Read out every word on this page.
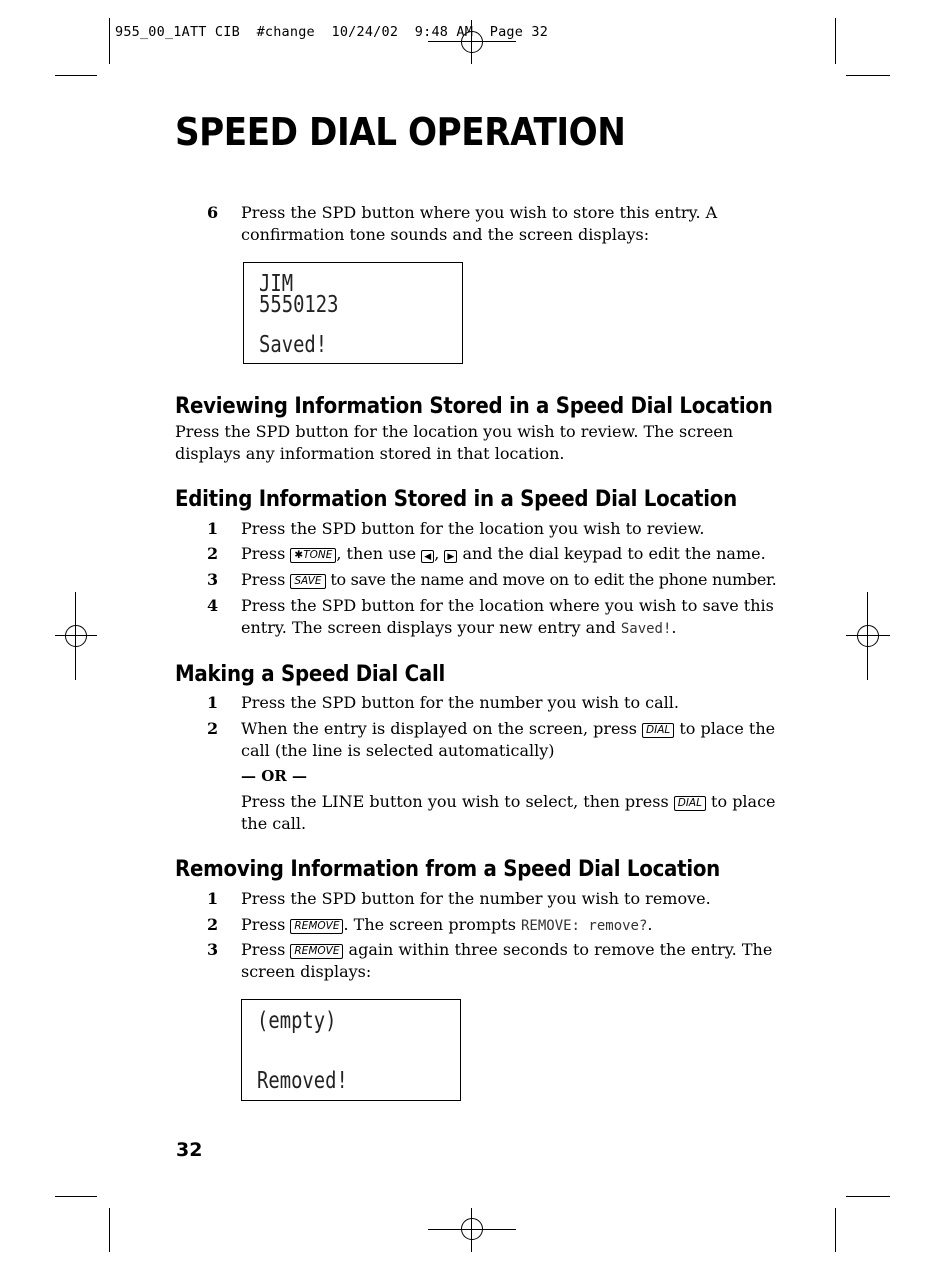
955_00_1ATT CIB  #change  10/24/02  9:48 AM  Page 32
SPEED DIAL OPERATION
6 Press the SPD button where you wish to store this entry. A confirmation tone sounds and the screen displays:
JIM
5550123
Saved!
Reviewing Information Stored in a Speed Dial Location
Press the SPD button for the location you wish to review. The screen displays any information stored in that location.
Editing Information Stored in a Speed Dial Location
1 Press the SPD button for the location you wish to review.
2 Press ✱TONE , then use ◀ , ▶ and the dial keypad to edit the name.
3 Press SAVE to save the name and move on to edit the phone number.
4 Press the SPD button for the location where you wish to save this entry. The screen displays your new entry and Saved!.
Making a Speed Dial Call
1 Press the SPD button for the number you wish to call.
2 When the entry is displayed on the screen, press DIAL to place the call (the line is selected automatically)
— OR —
Press the LINE button you wish to select, then press DIAL to place the call.
Removing Information from a Speed Dial Location
1 Press the SPD button for the number you wish to remove.
2 Press REMOVE . The screen prompts REMOVE: remove?.
3 Press REMOVE again within three seconds to remove the entry. The screen displays:
(empty)
Removed!
32
